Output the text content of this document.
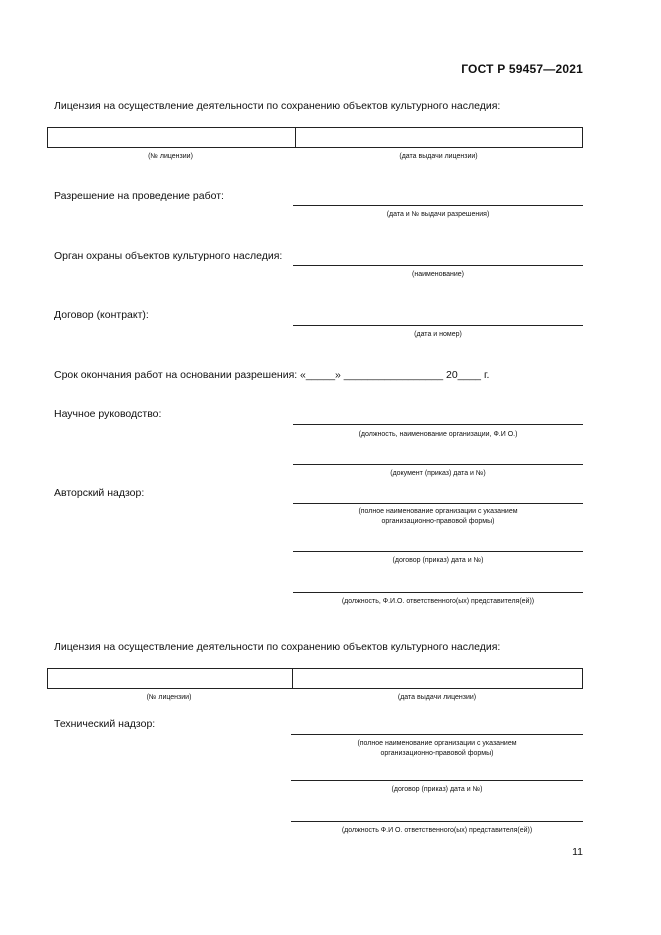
ГОСТ Р 59457—2021
Лицензия на осуществление деятельности по сохранению объектов культурного наследия:
(№ лицензии)	(дата выдачи лицензии)
Разрешение на проведение работ:
(дата и № выдачи разрешения)
Орган охраны объектов культурного наследия:
(наименование)
Договор (контракт):
(дата и номер)
Срок окончания работ на основании разрешения: «_____» _________________ 20____ г.
Научное руководство:
(должность, наименование организации, Ф.И О.)
(документ (приказ) дата и №)
Авторский надзор:
(полное наименование организации с указанием
организационно-правовой формы)
(договор (приказ) дата и №)
(должность, Ф.И.О. ответственного(ых) представителя(ей))
Лицензия на осуществление деятельности по сохранению объектов культурного наследия:
(№ лицензии)	(дата выдачи лицензии)
Технический надзор:
(полное наименование организации с указанием
организационно-правовой формы)
(договор (приказ) дата и №)
(должность Ф.И О. ответственного(ых) представителя(ей))
11
